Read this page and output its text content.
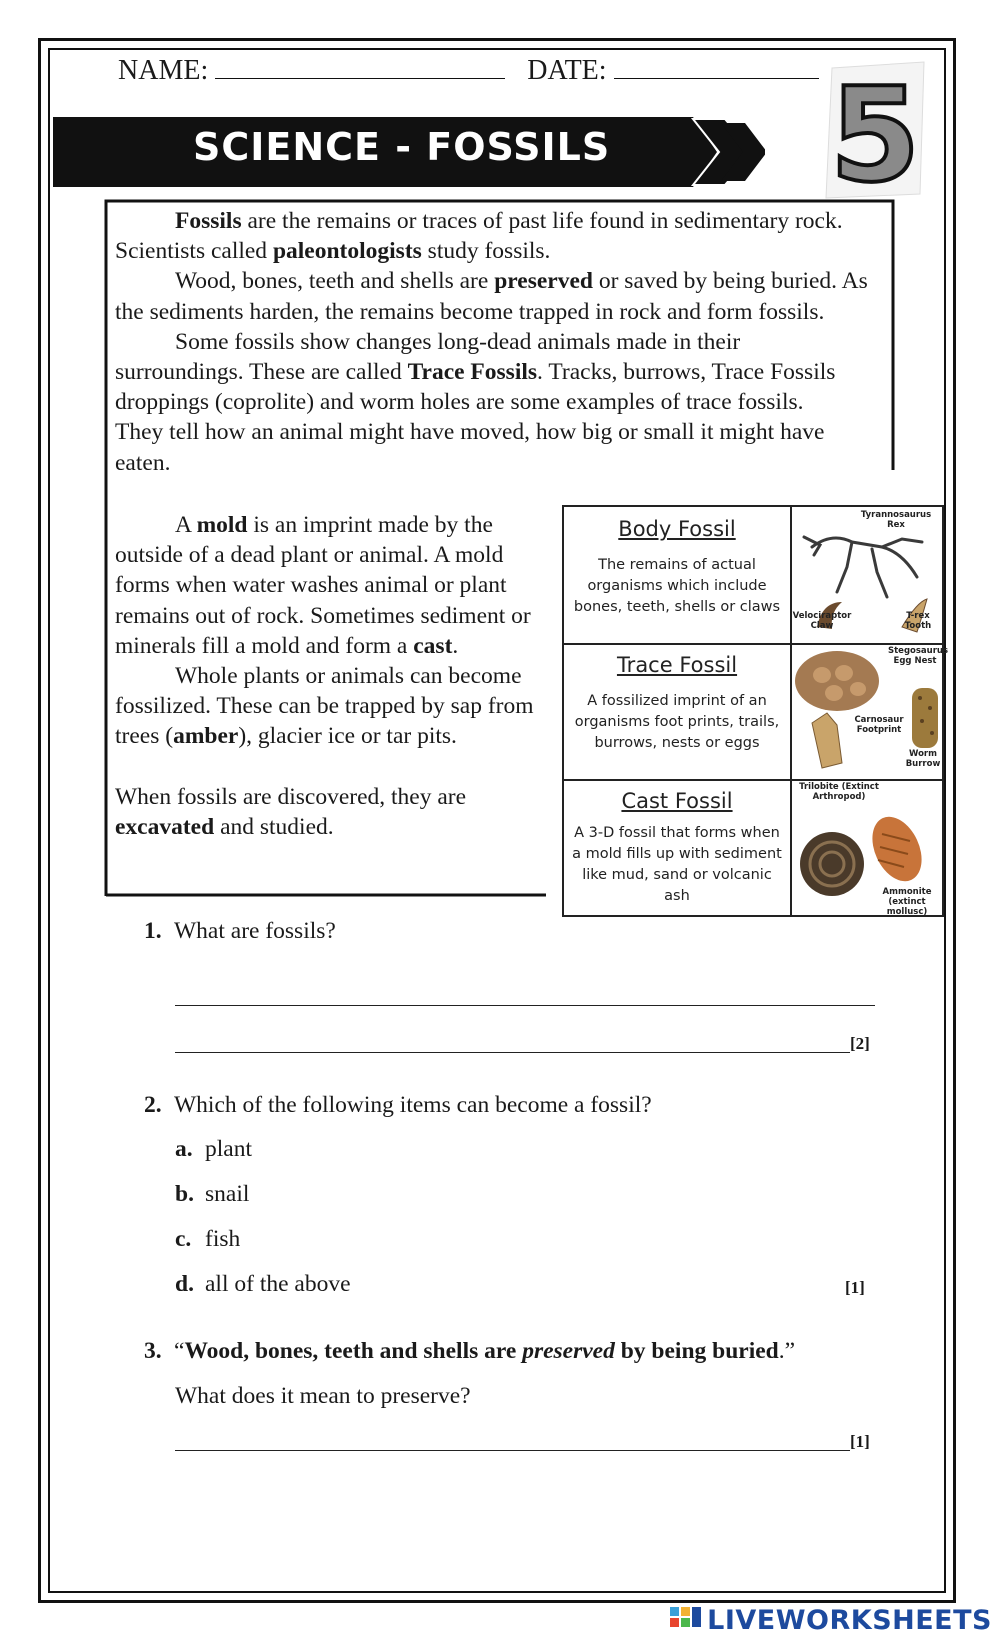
NAME:	DATE:
SCIENCE - FOSSILS 5

Fossils are the remains or traces of past life found in sedimentary rock. Scientists called paleontologists study fossils.

Wood, bones, teeth and shells are preserved or saved by being buried. As the sediments harden, the remains become trapped in rock and form fossils.

Some fossils show changes long-dead animals made in their surroundings. These are called Trace Fossils. Tracks, burrows, Trace Fossils droppings (coprolite) and worm holes are some examples of trace fossils. They tell how an animal might have moved, how big or small it might have eaten.

A mold is an imprint made by the outside of a dead plant or animal. A mold forms when water washes animal or plant remains out of rock. Sometimes sediment or minerals fill a mold and form a cast.

Whole plants or animals can become fossilized. These can be trapped by sap from trees (amber), glacier ice or tar pits.

When fossils are discovered, they are excavated and studied.

Body Fossil
The remains of actual organisms which include bones, teeth, shells or claws
Tyrannosaurus Rex
Velociraptor Claw
T-rex Tooth
Trace Fossil
A fossilized imprint of an organisms foot prints, trails, burrows, nests or eggs
Stegosaurus Egg Nest
Carnosaur Footprint
Worm Burrow
Cast Fossil
A 3-D fossil that forms when a mold fills up with sediment like mud, sand or volcanic ash
Trilobite (Extinct Arthropod)
Ammonite (extinct mollusc)
1. What are fossils?
[2]
2. Which of the following items can become a fossil?
a. plant
b. snail
c. fish
d. all of the above	[1]
3. “Wood, bones, teeth and shells are preserved by being buried.”
What does it mean to preserve?
[1]
LIVEWORKSHEETS
